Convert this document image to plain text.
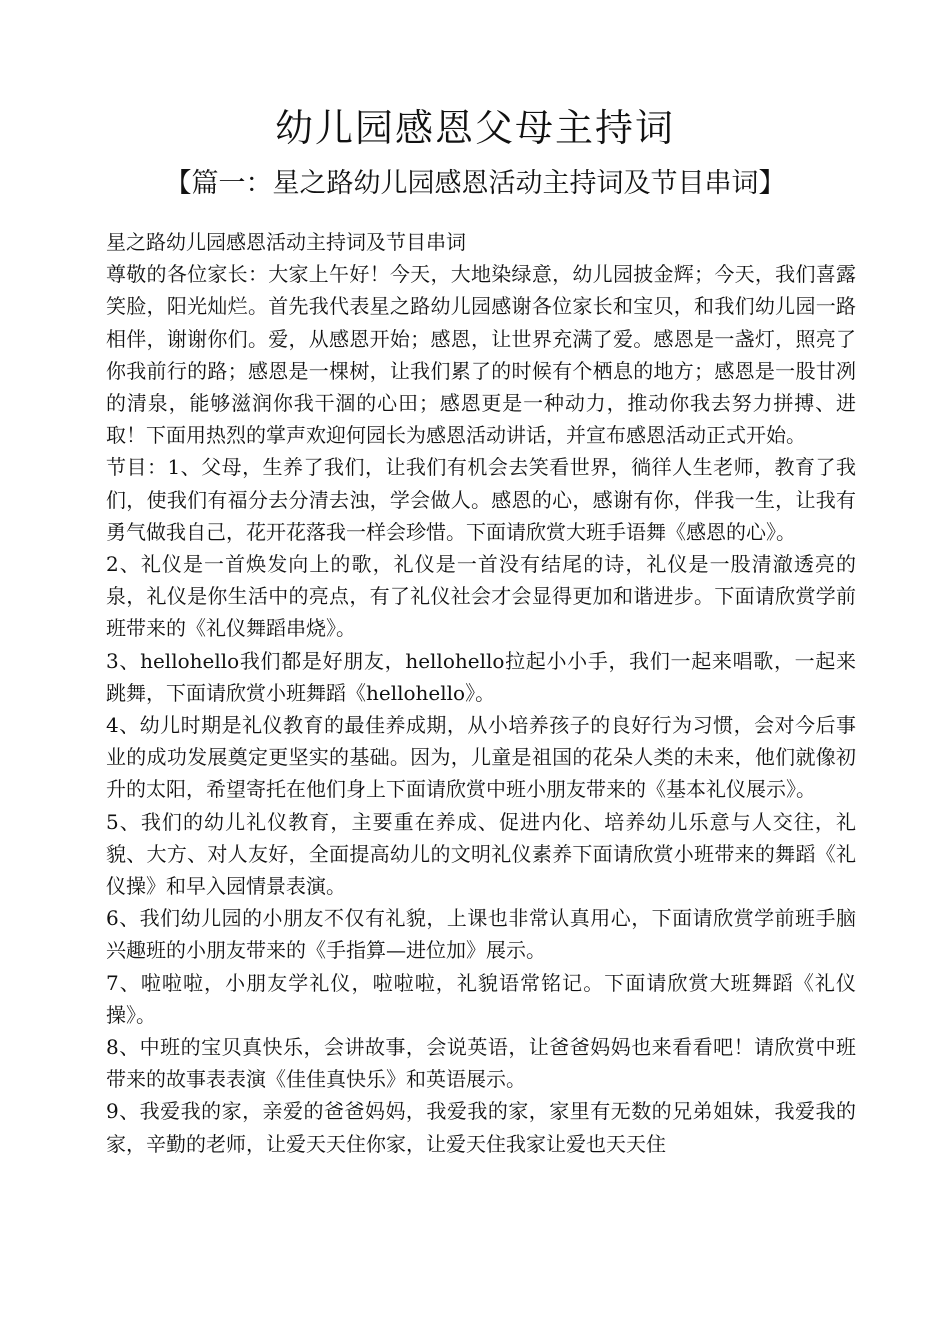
幼儿园感恩父母主持词
【篇一：星之路幼儿园感恩活动主持词及节目串词】

星之路幼儿园感恩活动主持词及节目串词

尊敬的各位家长：大家上午好！今天，大地染绿意，幼儿园披金辉；今天，我们喜露笑脸，阳光灿烂。首先我代表星之路幼儿园感谢各位家长和宝贝，和我们幼儿园一路相伴，谢谢你们。爱，从感恩开始；感恩，让世界充满了爱。感恩是一盏灯，照亮了你我前行的路；感恩是一棵树，让我们累了的时候有个栖息的地方；感恩是一股甘冽的清泉，能够滋润你我干涸的心田；感恩更是一种动力，推动你我去努力拼搏、进取！下面用热烈的掌声欢迎何园长为感恩活动讲话，并宣布感恩活动正式开始。

节目：1、父母，生养了我们，让我们有机会去笑看世界，徜徉人生老师，教育了我们，使我们有福分去分清去浊，学会做人。感恩的心，感谢有你，伴我一生，让我有勇气做我自己，花开花落我一样会珍惜。下面请欣赏大班手语舞《感恩的心》。

2、礼仪是一首焕发向上的歌，礼仪是一首没有结尾的诗，礼仪是一股清澈透亮的泉，礼仪是你生活中的亮点，有了礼仪社会才会显得更加和谐进步。下面请欣赏学前班带来的《礼仪舞蹈串烧》。

3、hellohello我们都是好朋友，hellohello拉起小小手，我们一起来唱歌，一起来跳舞，下面请欣赏小班舞蹈《hellohello》。

4、幼儿时期是礼仪教育的最佳养成期，从小培养孩子的良好行为习惯，会对今后事业的成功发展奠定更坚实的基础。因为，儿童是祖国的花朵人类的未来，他们就像初升的太阳，希望寄托在他们身上下面请欣赏中班小朋友带来的《基本礼仪展示》。

5、我们的幼儿礼仪教育，主要重在养成、促进内化、培养幼儿乐意与人交往，礼貌、大方、对人友好，全面提高幼儿的文明礼仪素养下面请欣赏小班带来的舞蹈《礼仪操》和早入园情景表演。

6、我们幼儿园的小朋友不仅有礼貌，上课也非常认真用心，下面请欣赏学前班手脑兴趣班的小朋友带来的《手指算—进位加》展示。

7、啦啦啦，小朋友学礼仪，啦啦啦，礼貌语常铭记。下面请欣赏大班舞蹈《礼仪操》。

8、中班的宝贝真快乐，会讲故事，会说英语，让爸爸妈妈也来看看吧！请欣赏中班带来的故事表表演《佳佳真快乐》和英语展示。

9、我爱我的家，亲爱的爸爸妈妈，我爱我的家，家里有无数的兄弟姐妹，我爱我的家，辛勤的老师，让爱天天住你家，让爱天住我家让爱也天天住
